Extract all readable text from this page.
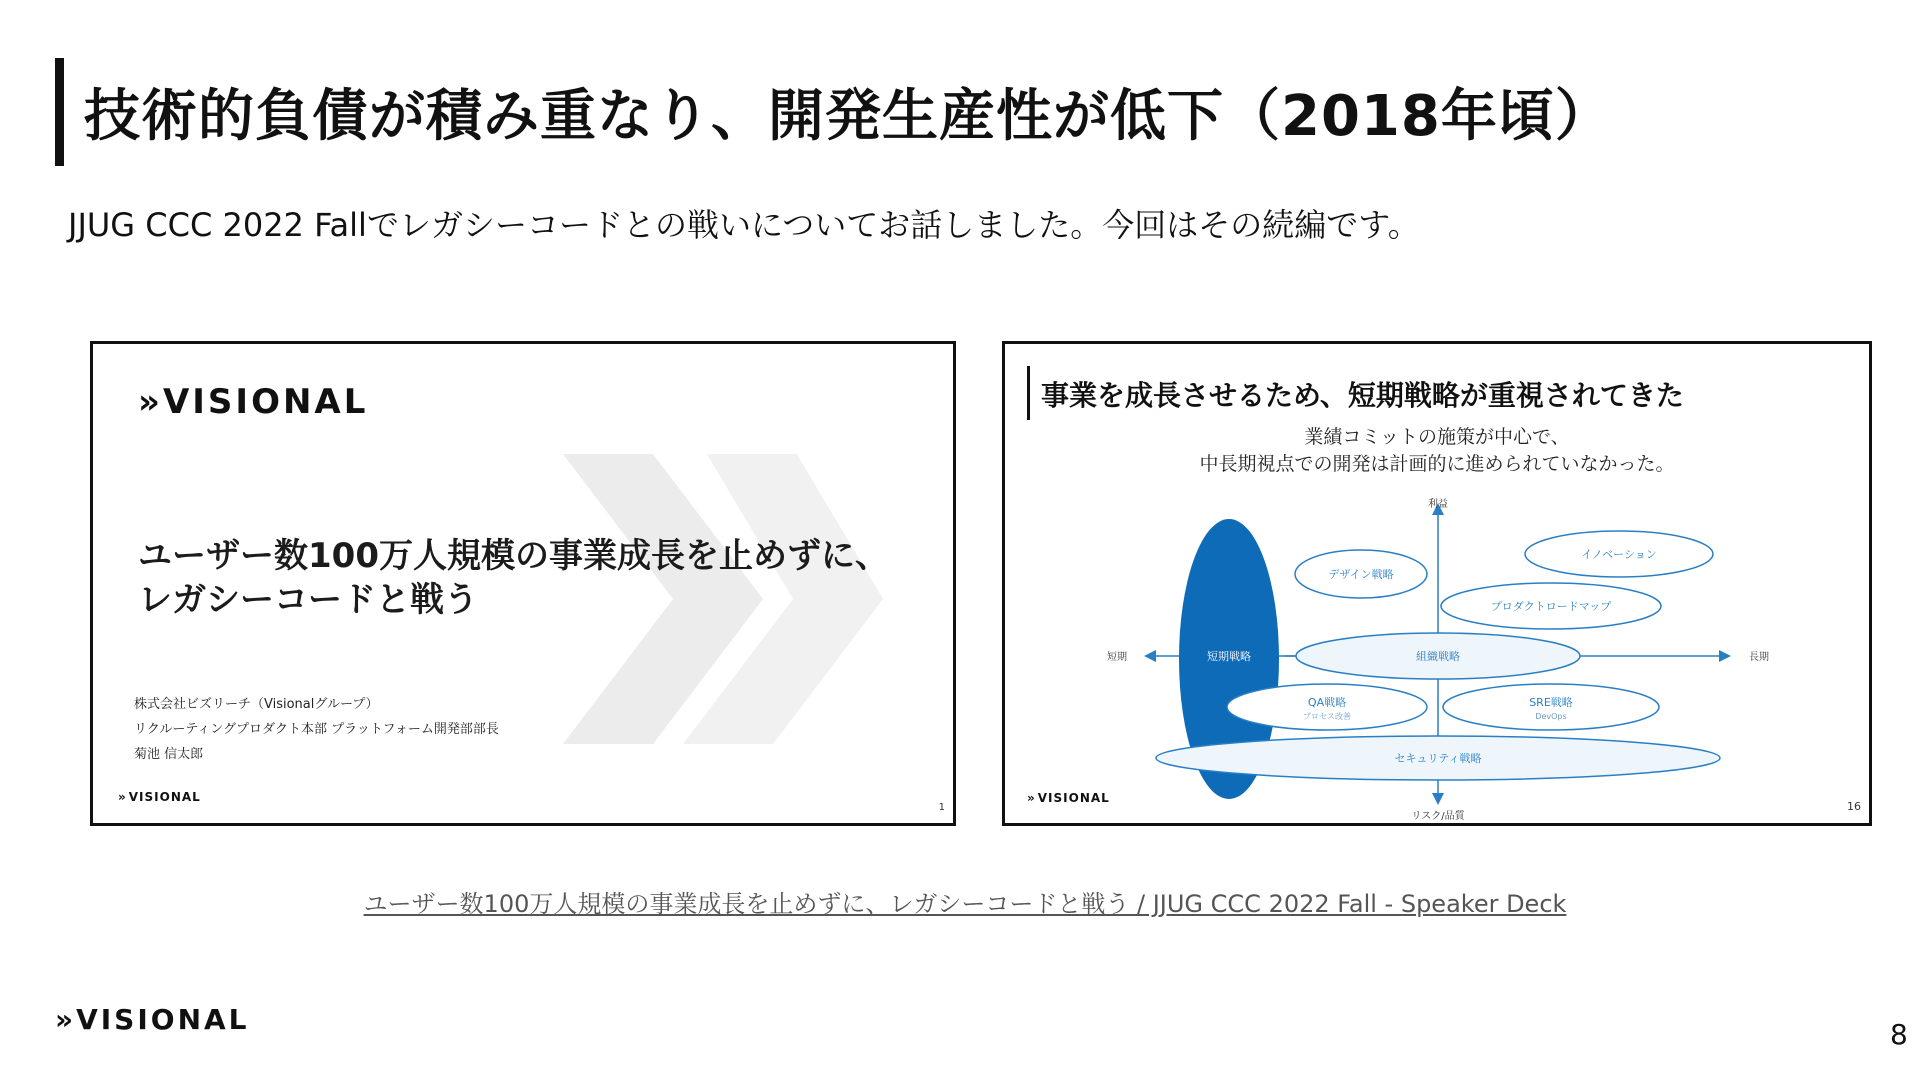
技術的負債が積み重なり、開発生産性が低下（2018年頃）
JJUG CCC 2022 Fallでレガシーコードとの戦いについてお話しました。今回はその続編です。
» VISIONAL
ユーザー数100万人規模の事業成長を止めずに、
レガシーコードと戦う
株式会社ビズリーチ（Visionalグループ）
リクルーティングプロダクト本部 プラットフォーム開発部部長
菊池 信太郎
» VISIONAL
1
事業を成長させるため、短期戦略が重視されてきた
業績コミットの施策が中心で、
中長期視点での開発は計画的に進められていなかった。
利益
リスク/品質
短期	長期
短期戦略
デザイン戦略
イノベーション
プロダクトロードマップ
組織戦略
QA戦略
プロセス改善
SRE戦略
DevOps
セキュリティ戦略
» VISIONAL
16
ユーザー数100万人規模の事業成長を止めずに、レガシーコードと戦う / JJUG CCC 2022 Fall - Speaker Deck
» VISIONAL	8
